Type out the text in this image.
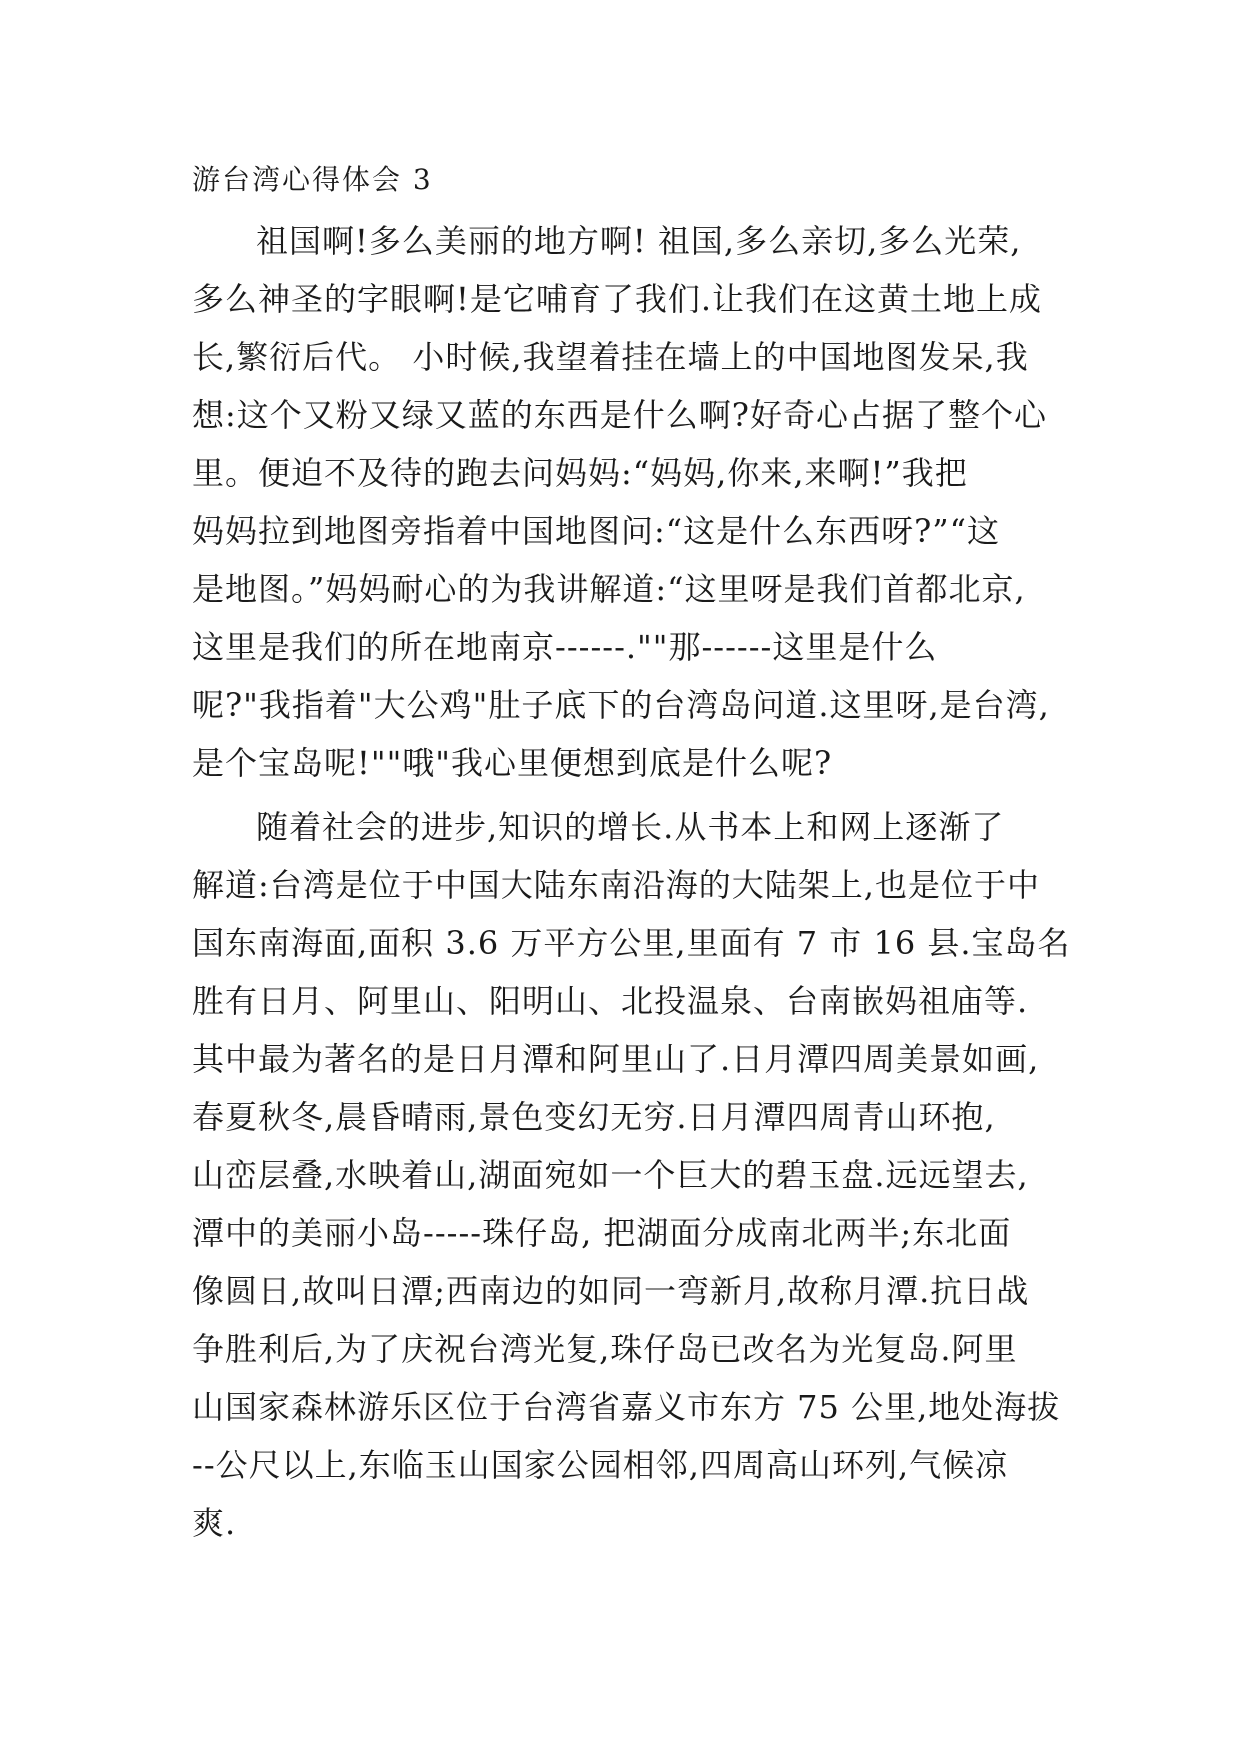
游台湾心得体会 3

祖国啊!多么美丽的地方啊! 祖国,多么亲切,多么光荣,
多么神圣的字眼啊!是它哺育了我们.让我们在这黄土地上成
长,繁衍后代。 小时候,我望着挂在墙上的中国地图发呆,我
想:这个又粉又绿又蓝的东西是什么啊?好奇心占据了整个心
里。便迫不及待的跑去问妈妈:“妈妈,你来,来啊!”我把
妈妈拉到地图旁指着中国地图问:“这是什么东西呀?”“这
是地图。”妈妈耐心的为我讲解道:“这里呀是我们首都北京,
这里是我们的所在地南京------.""那------这里是什么
呢?"我指着"大公鸡"肚子底下的台湾岛问道.这里呀,是台湾,
是个宝岛呢!""哦"我心里便想到底是什么呢?

随着社会的进步,知识的增长.从书本上和网上逐渐了
解道:台湾是位于中国大陆东南沿海的大陆架上,也是位于中
国东南海面,面积 3.6 万平方公里,里面有 7 市 16 县.宝岛名
胜有日月、阿里山、阳明山、北投温泉、台南嵌妈祖庙等.
其中最为著名的是日月潭和阿里山了.日月潭四周美景如画,
春夏秋冬,晨昏晴雨,景色变幻无穷.日月潭四周青山环抱,
山峦层叠,水映着山,湖面宛如一个巨大的碧玉盘.远远望去,
潭中的美丽小岛-----珠仔岛, 把湖面分成南北两半;东北面
像圆日,故叫日潭;西南边的如同一弯新月,故称月潭.抗日战
争胜利后,为了庆祝台湾光复,珠仔岛已改名为光复岛.阿里
山国家森林游乐区位于台湾省嘉义市东方 75 公里,地处海拔
--公尺以上,东临玉山国家公园相邻,四周高山环列,气候凉
爽.
